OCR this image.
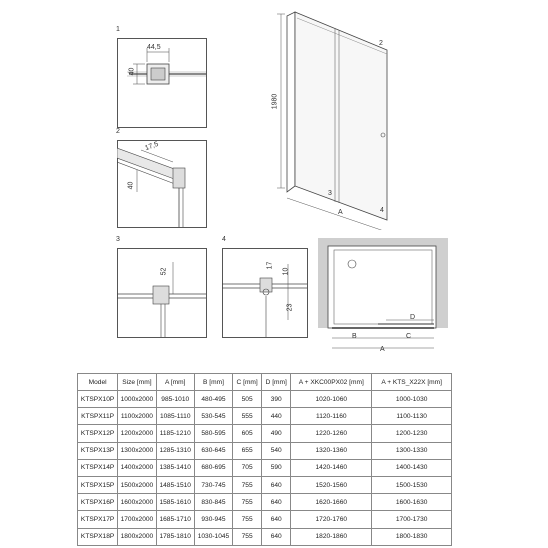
1
44,5
40
2
17,5
40
3
52
4
17
10
23
1980
2
3
4
A
D
B	C
A
Model	Size [mm]	A [mm]	B [mm]	C [mm]	D [mm]	A + XKC00PX02 [mm]	A + KTS_X22X [mm]
KTSPX10P	1000x2000	985-1010	480-495	505	390	1020-1060	1000-1030
KTSPX11P	1100x2000	1085-1110	530-545	555	440	1120-1160	1100-1130
KTSPX12P	1200x2000	1185-1210	580-595	605	490	1220-1260	1200-1230
KTSPX13P	1300x2000	1285-1310	630-645	655	540	1320-1360	1300-1330
KTSPX14P	1400x2000	1385-1410	680-695	705	590	1420-1460	1400-1430
KTSPX15P	1500x2000	1485-1510	730-745	755	640	1520-1560	1500-1530
KTSPX16P	1600x2000	1585-1610	830-845	755	640	1620-1660	1600-1630
KTSPX17P	1700x2000	1685-1710	930-945	755	640	1720-1760	1700-1730
KTSPX18P	1800x2000	1785-1810	1030-1045	755	640	1820-1860	1800-1830
